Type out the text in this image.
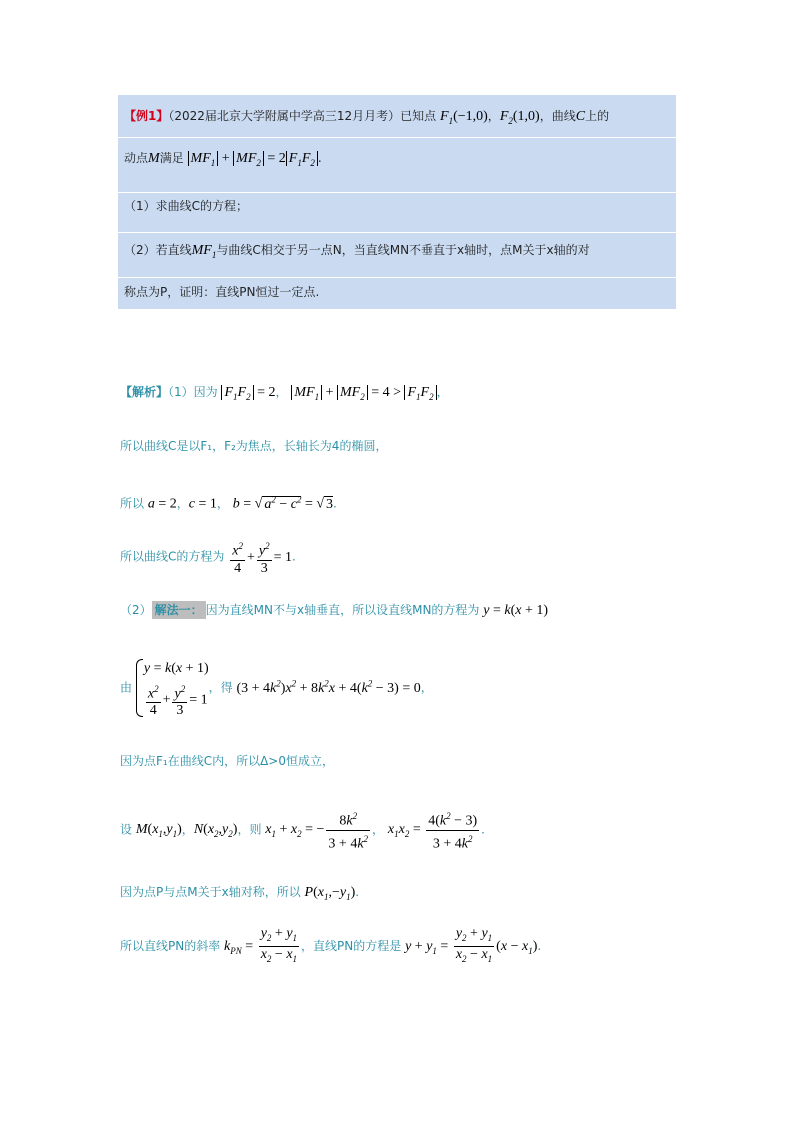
【例1】（2022届北京大学附属中学高三12月月考）已知点 $F_1(-1,0)$，$F_2(1,0)$，曲线C上的
动点M满足 $MF_1 + MF_2 = 2$ $F_1F_2$ .
（1）求曲线C的方程；
（2）若直线$MF_1$与曲线C相交于另一点N，当直线MN不垂直于x轴时，点M关于x轴的对
称点为P，证明：直线PN恒过一定点.
【解析】（1）因为 $F_1F_2 = 2$， $MF_1 + MF_2 = 4 > F_1F_2$ ，
所以曲线C是以F₁，F₂为焦点，长轴长为4的椭圆，
所以 a = 2，c = 1， b = √ $a^2 - c^2$ = √ 3.
所以曲线C的方程为 $\frac{x^2}{4} + \frac{y^2}{3} = 1$.
（2） 解法一： 因为直线MN不与x轴垂直，所以设直线MN的方程为 y = k(x + 1)
由
y = k(x + 1)
$\frac{x^2}{4} + \frac{y^2}{3} = 1$
，得 $(3 + 4k^2)x^2 + 8k^2x + 4(k^2 - 3) = 0$，
因为点F₁在曲线C内，所以Δ>0恒成立，
设 $M(x_1,y_1)$，$N(x_2,y_2)$，则 $x_1 + x_2$ = − $\frac{8k^2}{3 + 4k^2}$ ， $x_1x_2 = \frac{4(k^2 - 3)}{3 + 4k^2}$ .
因为点P与点M关于x轴对称，所以 $P(x_1,-y_1)$.
所以直线PN的斜率 $k_{PN} = \frac{y_2 + y_1}{x_2 - x_1}$ ，直线PN的方程是 $y + y_1 = \frac{y_2 + y_1}{x_2 - x_1} (x - x_1)$.
